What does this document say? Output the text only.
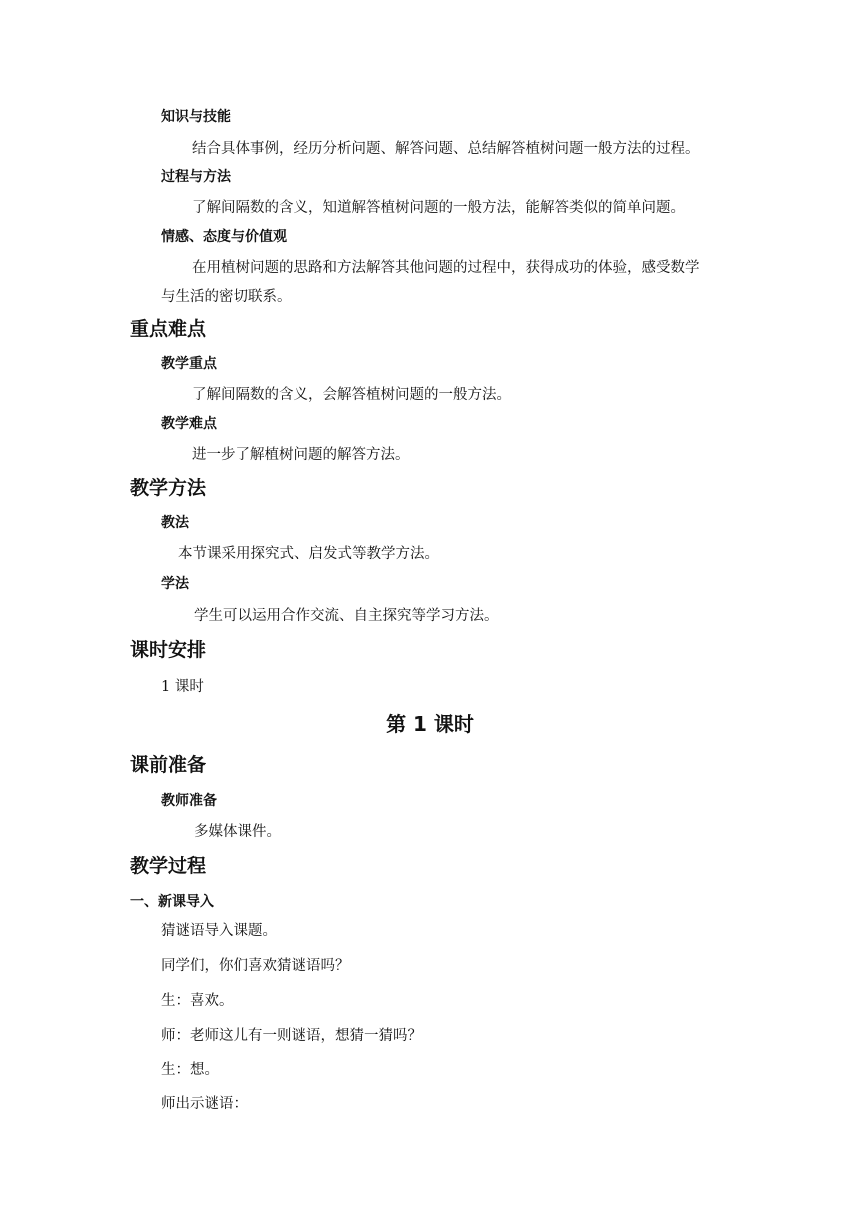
知识与技能

结合具体事例，经历分析问题、解答问题、总结解答植树问题一般方法的过程。

过程与方法

了解间隔数的含义，知道解答植树问题的一般方法，能解答类似的简单问题。

情感、态度与价值观

在用植树问题的思路和方法解答其他问题的过程中，获得成功的体验，感受数学

与生活的密切联系。

重点难点

教学重点

了解间隔数的含义，会解答植树问题的一般方法。

教学难点

进一步了解植树问题的解答方法。

教学方法

教法

本节课采用探究式、启发式等教学方法。

学法

学生可以运用合作交流、自主探究等学习方法。

课时安排

1 课时

第 1 课时

课前准备

教师准备

多媒体课件。

教学过程

一、新课导入

猜谜语导入课题。

同学们，你们喜欢猜谜语吗？

生：喜欢。

师：老师这儿有一则谜语，想猜一猜吗？

生：想。

师出示谜语：
